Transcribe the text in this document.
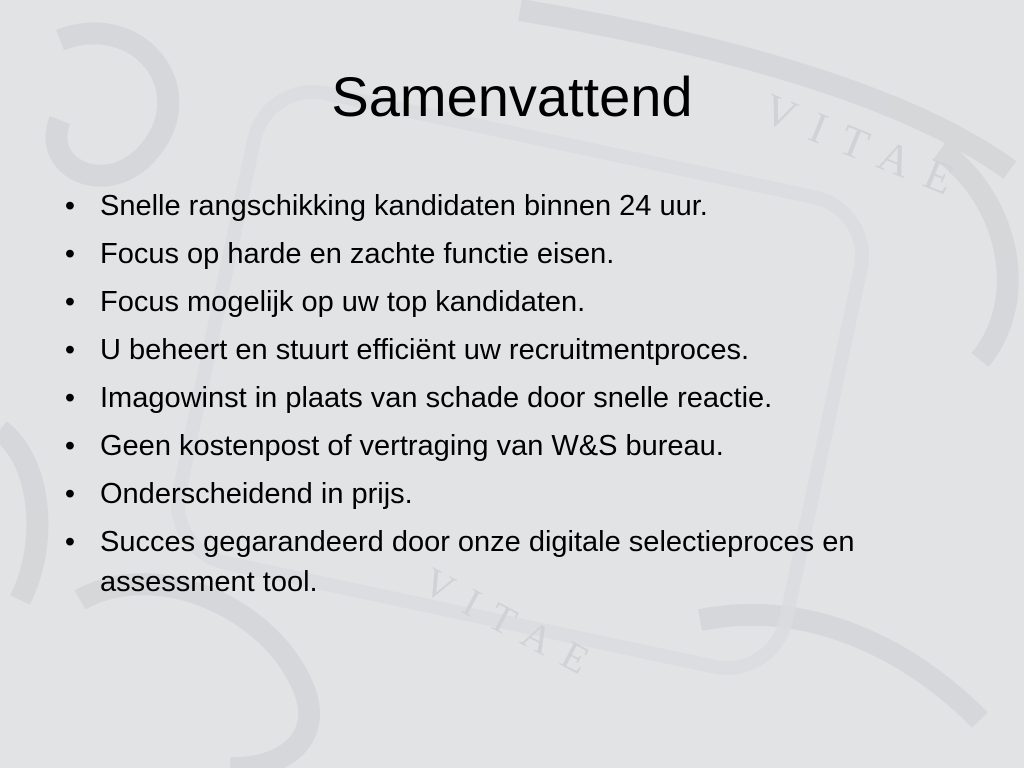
VITAE
VITAE
Samenvattend
• Snelle rangschikking kandidaten binnen 24 uur.
• Focus op harde en zachte functie eisen.
• Focus mogelijk op uw top kandidaten.
• U beheert en stuurt efficiënt uw recruitmentproces.
• Imagowinst in plaats van schade door snelle reactie.
• Geen kostenpost of vertraging van W&S bureau.
• Onderscheidend in prijs.
• Succes gegarandeerd door onze digitale selectieproces en assessment tool.
